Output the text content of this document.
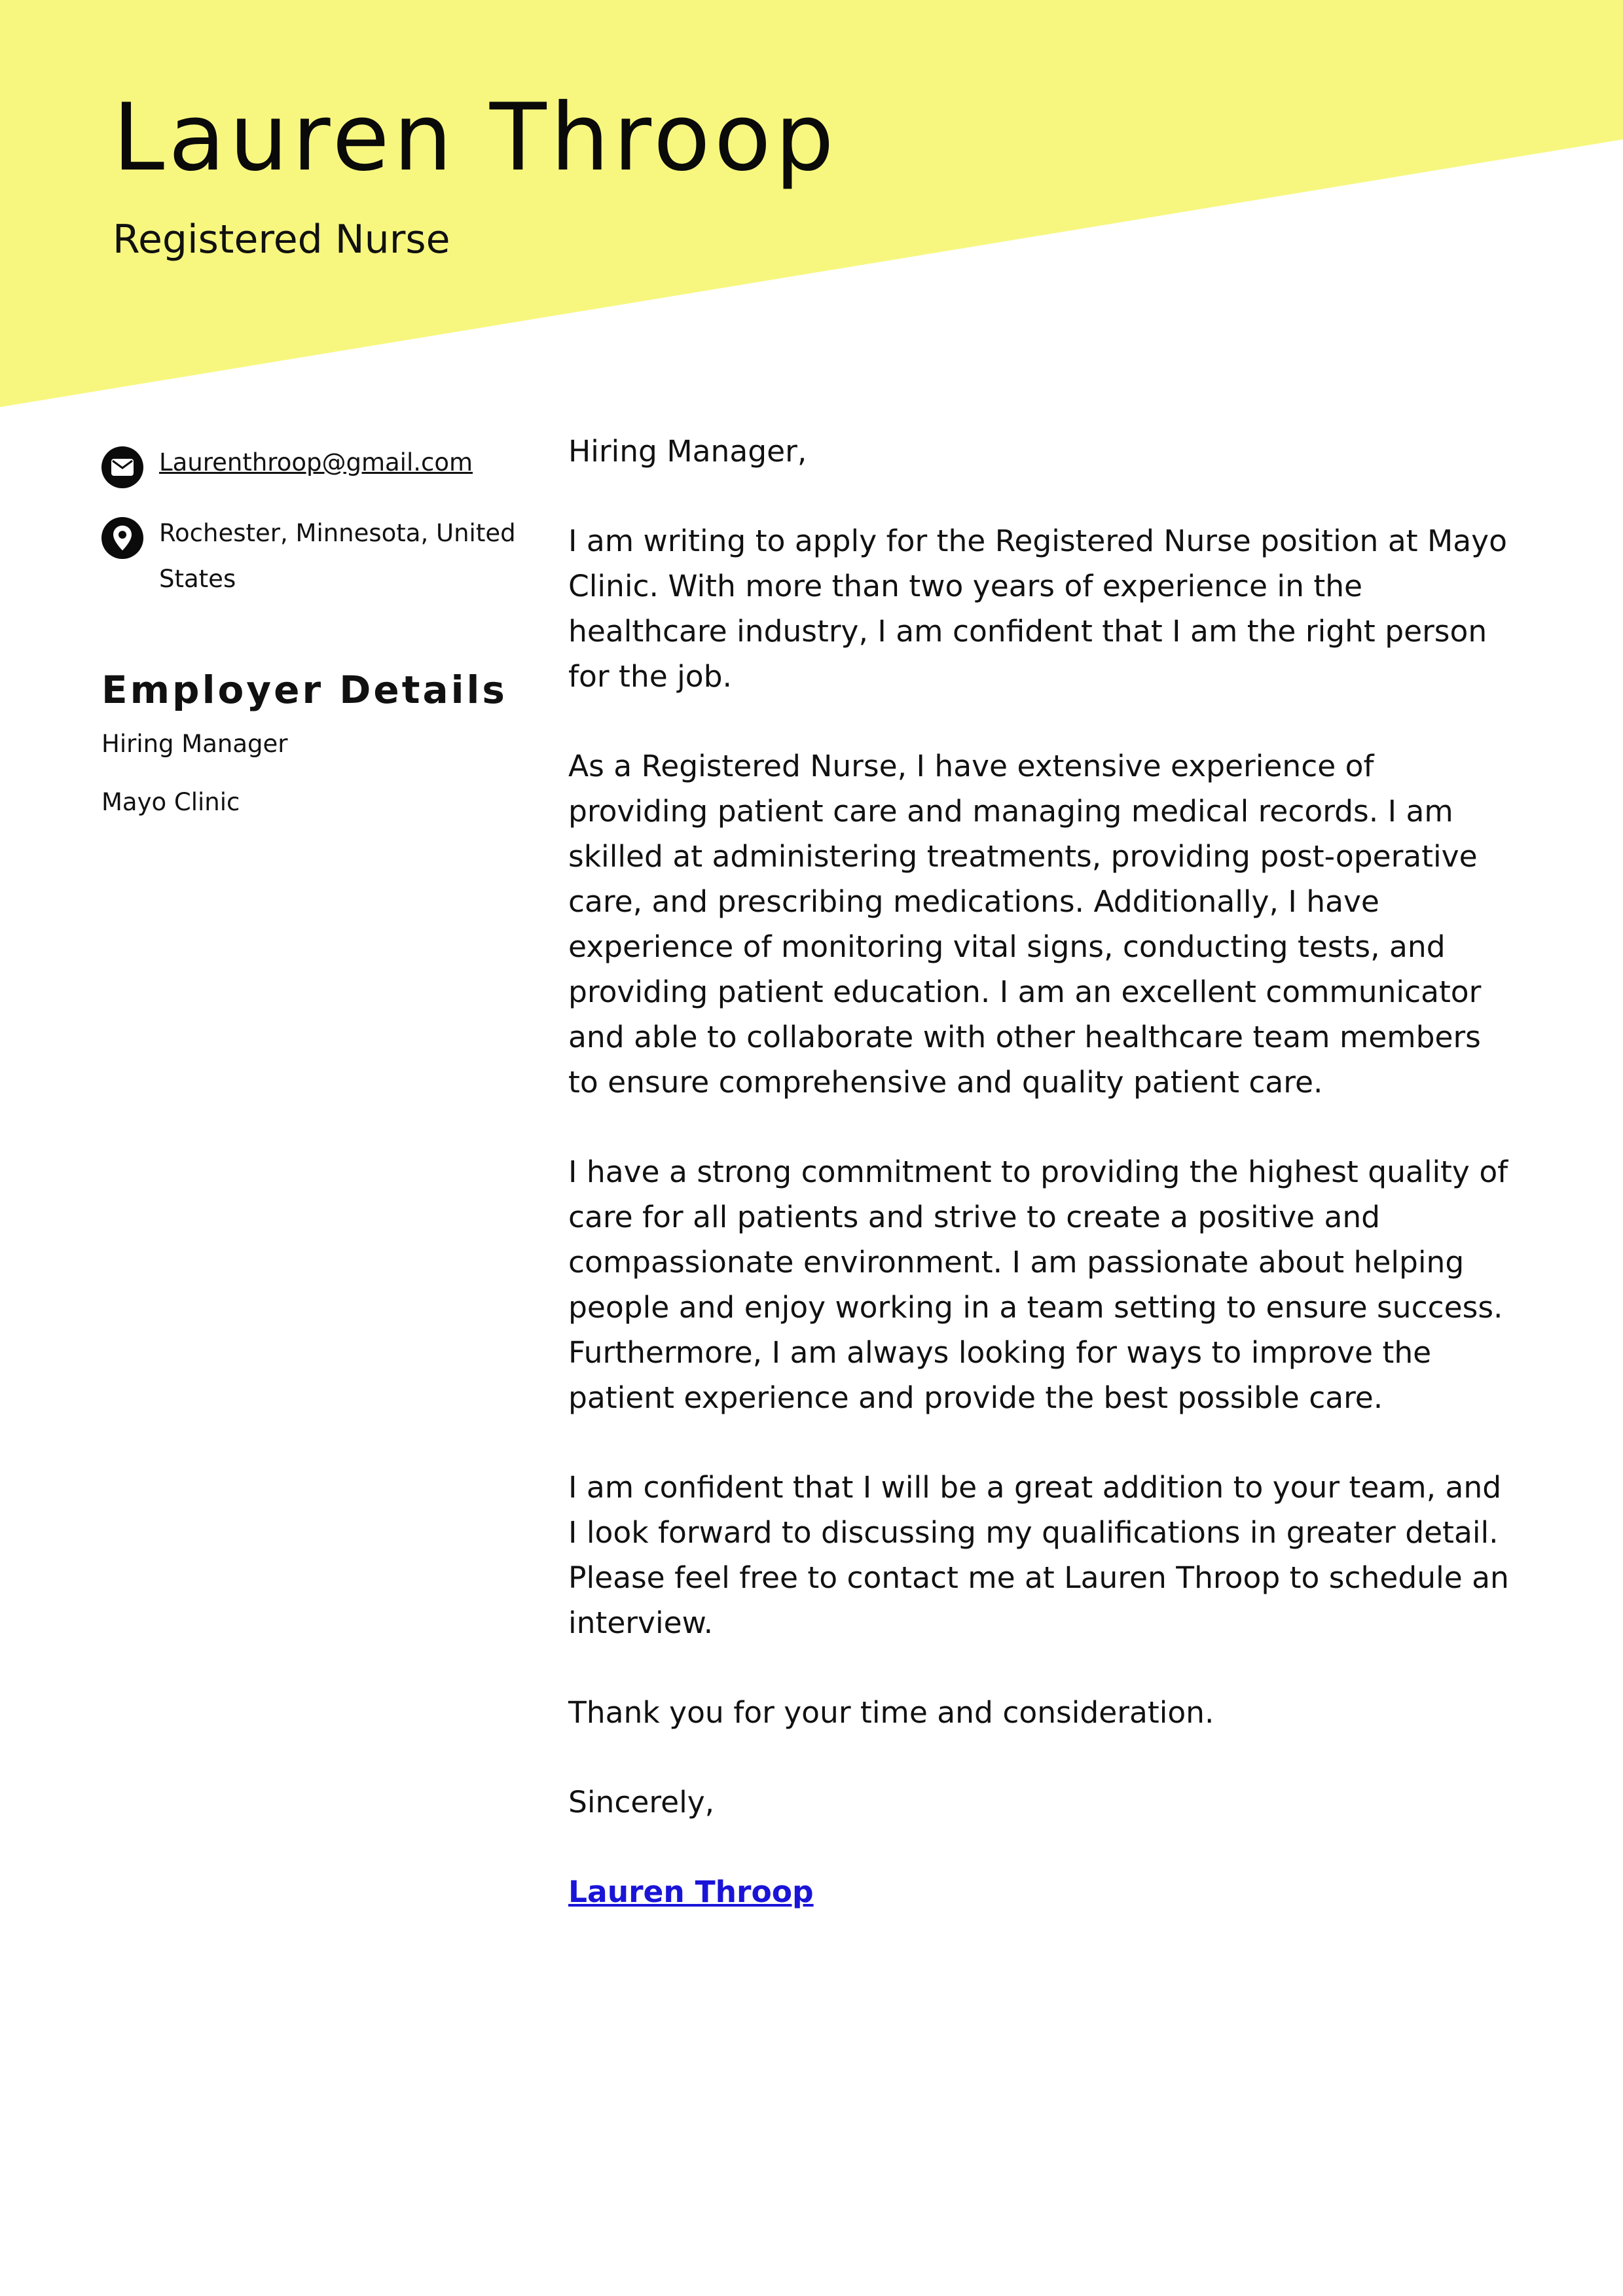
Lauren Throop
Registered Nurse
Laurenthroop@gmail.com
Rochester, Minnesota, United States
Employer Details
Hiring Manager
Mayo Clinic

Hiring Manager,

I am writing to apply for the Registered Nurse position at Mayo Clinic. With more than two years of experience in the healthcare industry, I am confident that I am the right person for the job.

As a Registered Nurse, I have extensive experience of providing patient care and managing medical records. I am skilled at administering treatments, providing post-operative care, and prescribing medications. Additionally, I have experience of monitoring vital signs, conducting tests, and providing patient education. I am an excellent communicator and able to collaborate with other healthcare team members to ensure comprehensive and quality patient care.

I have a strong commitment to providing the highest quality of care for all patients and strive to create a positive and compassionate environment. I am passionate about helping people and enjoy working in a team setting to ensure success. Furthermore, I am always looking for ways to improve the patient experience and provide the best possible care.

I am confident that I will be a great addition to your team, and I look forward to discussing my qualifications in greater detail. Please feel free to contact me at Lauren Throop to schedule an interview.

Thank you for your time and consideration.

Sincerely,

Lauren Throop
